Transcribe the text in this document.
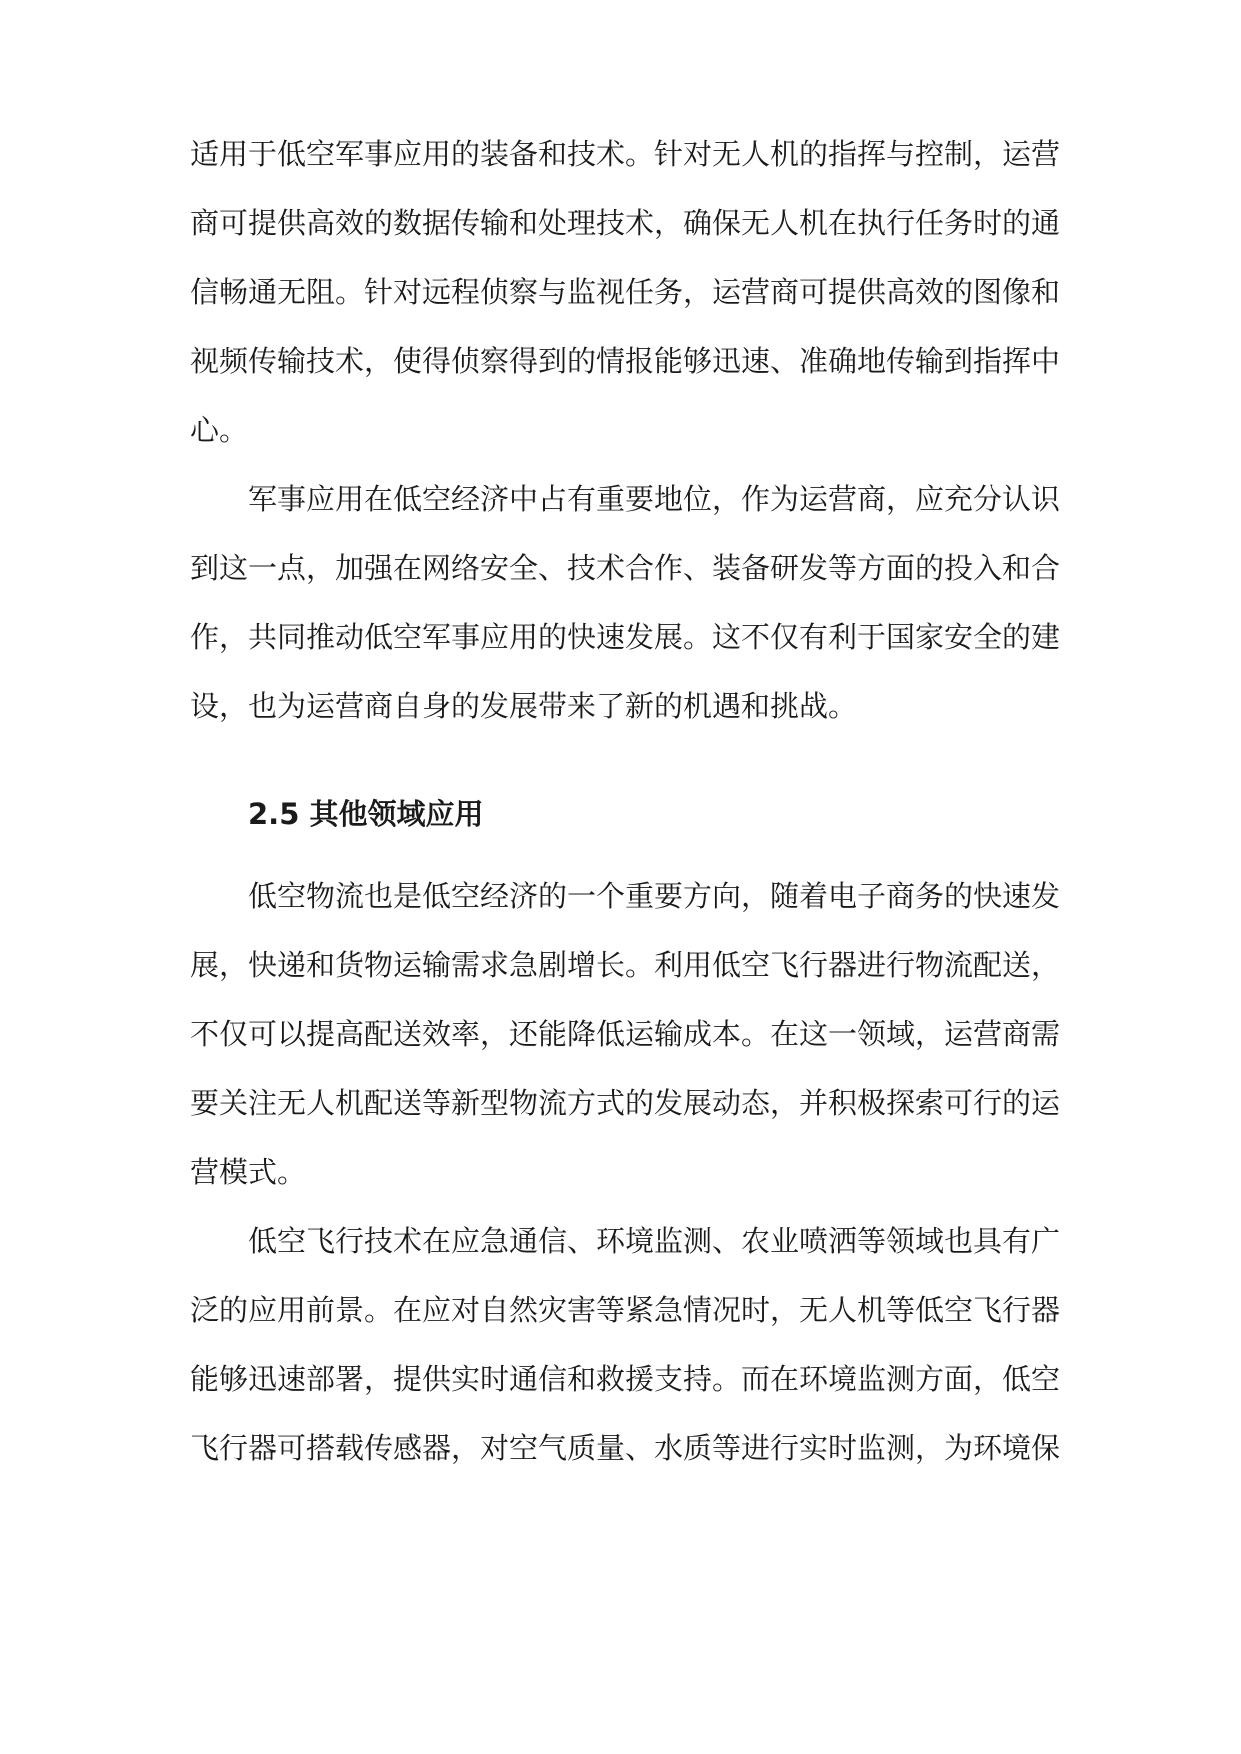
适用于低空军事应用的装备和技术。针对无人机的指挥与控制，运营
商可提供高效的数据传输和处理技术，确保无人机在执行任务时的通
信畅通无阻。针对远程侦察与监视任务，运营商可提供高效的图像和
视频传输技术，使得侦察得到的情报能够迅速、准确地传输到指挥中
心。
军事应用在低空经济中占有重要地位，作为运营商，应充分认识
到这一点，加强在网络安全、技术合作、装备研发等方面的投入和合
作，共同推动低空军事应用的快速发展。这不仅有利于国家安全的建
设，也为运营商自身的发展带来了新的机遇和挑战。
2.5 其他领域应用
低空物流也是低空经济的一个重要方向，随着电子商务的快速发
展，快递和货物运输需求急剧增长。利用低空飞行器进行物流配送，
不仅可以提高配送效率，还能降低运输成本。在这一领域，运营商需
要关注无人机配送等新型物流方式的发展动态，并积极探索可行的运
营模式。
低空飞行技术在应急通信、环境监测、农业喷洒等领域也具有广
泛的应用前景。在应对自然灾害等紧急情况时，无人机等低空飞行器
能够迅速部署，提供实时通信和救援支持。而在环境监测方面，低空
飞行器可搭载传感器，对空气质量、水质等进行实时监测，为环境保
